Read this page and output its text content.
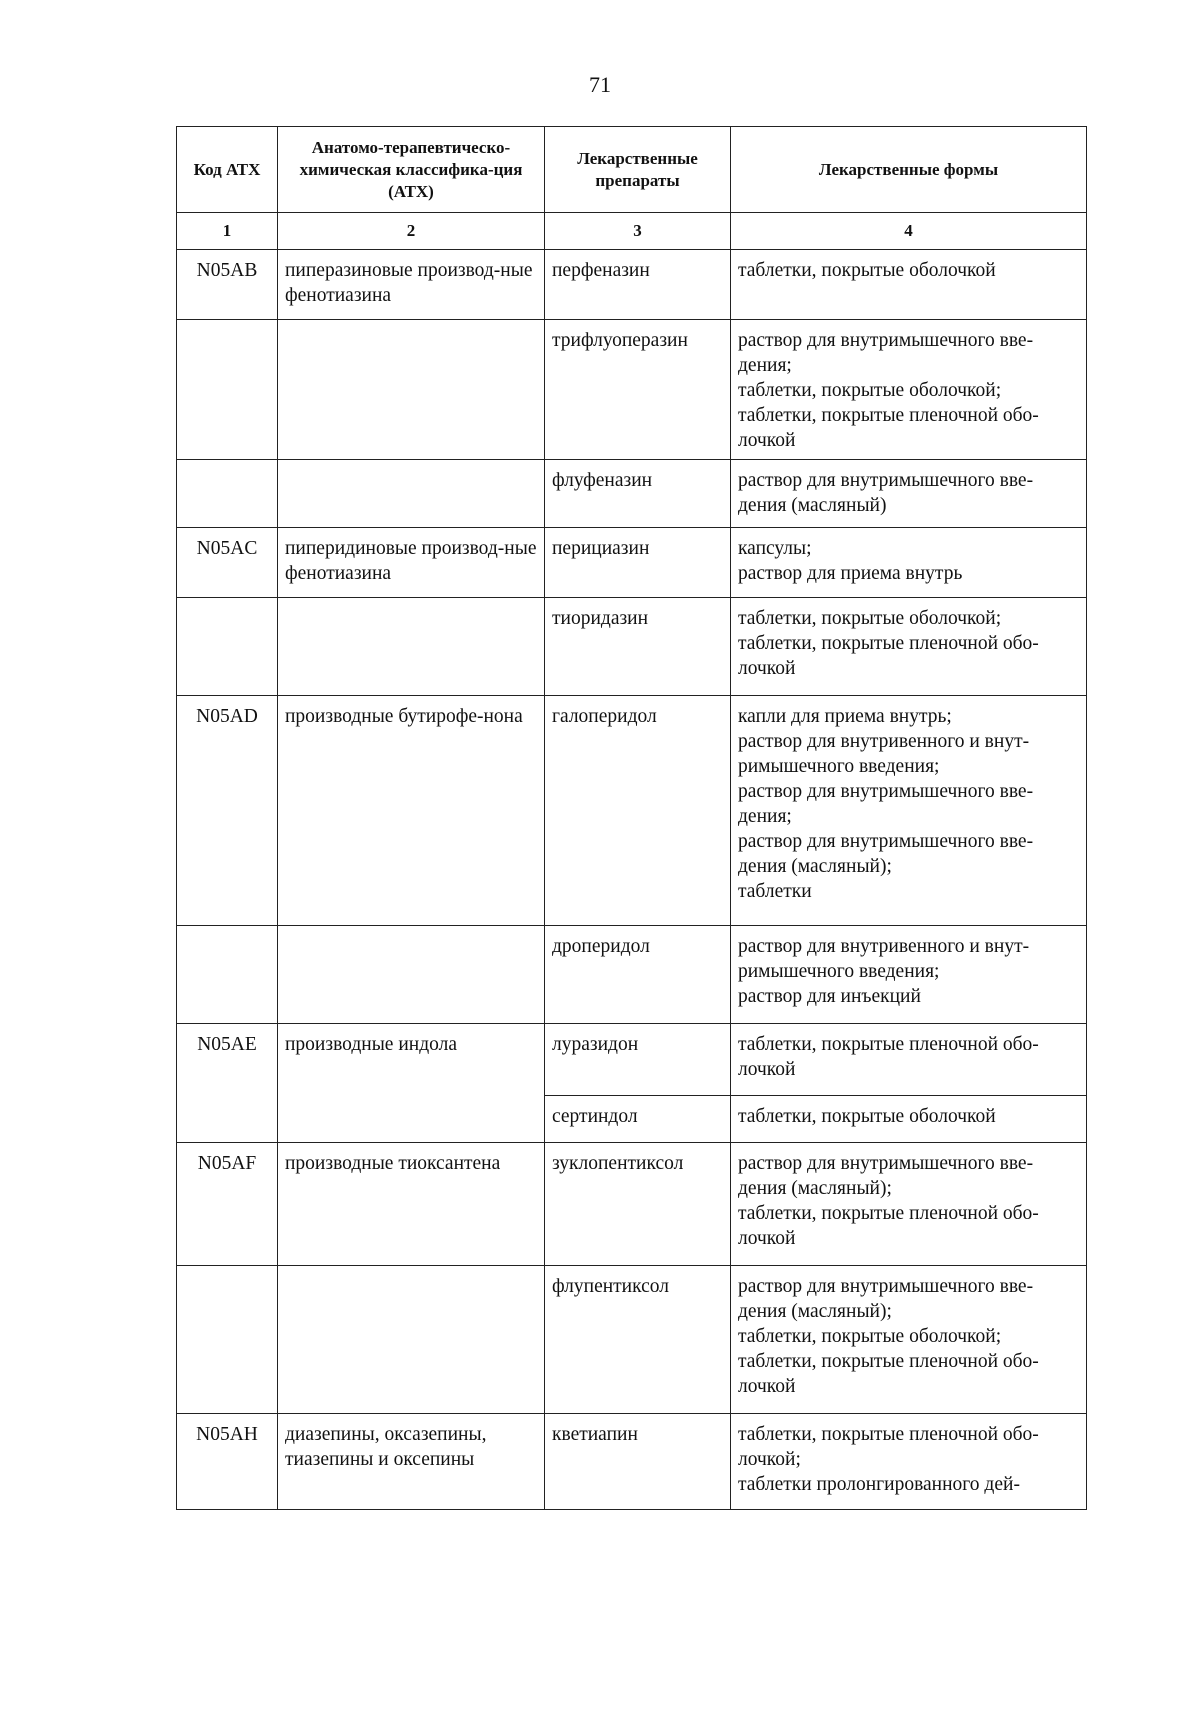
71
Код АТХ	Анатомо-терапевтическо-химическая классифика-ция (АТХ)	Лекарственные препараты	Лекарственные формы
1	2	3	4
N05AB	пиперазиновые производ-ные фенотиазина	перфеназин	таблетки, покрытые оболочкой
		трифлуоперазин	раствор для внутримышечного вве-дения;
таблетки, покрытые оболочкой;
таблетки, покрытые пленочной обо-лочкой
		флуфеназин	раствор для внутримышечного вве-дения (масляный)
N05AC	пиперидиновые производ-ные фенотиазина	перициазин	капсулы;
раствор для приема внутрь
		тиоридазин	таблетки, покрытые оболочкой;
таблетки, покрытые пленочной обо-лочкой
N05AD	производные бутирофе-нона	галоперидол	капли для приема внутрь;
раствор для внутривенного и внут-римышечного введения;
раствор для внутримышечного вве-дения;
раствор для внутримышечного вве-дения (масляный);
таблетки
		дроперидол	раствор для внутривенного и внут-римышечного введения;
раствор для инъекций
N05AE	производные индола	луразидон	таблетки, покрытые пленочной обо-лочкой
		сертиндол	таблетки, покрытые оболочкой
N05AF	производные тиоксантена	зуклопентиксол	раствор для внутримышечного вве-дения (масляный);
таблетки, покрытые пленочной обо-лочкой
		флупентиксол	раствор для внутримышечного вве-дения (масляный);
таблетки, покрытые оболочкой;
таблетки, покрытые пленочной обо-лочкой
N05AH	диазепины, оксазепины, тиазепины и оксепины	кветиапин	таблетки, покрытые пленочной обо-лочкой;
таблетки пролонгированного дей-
